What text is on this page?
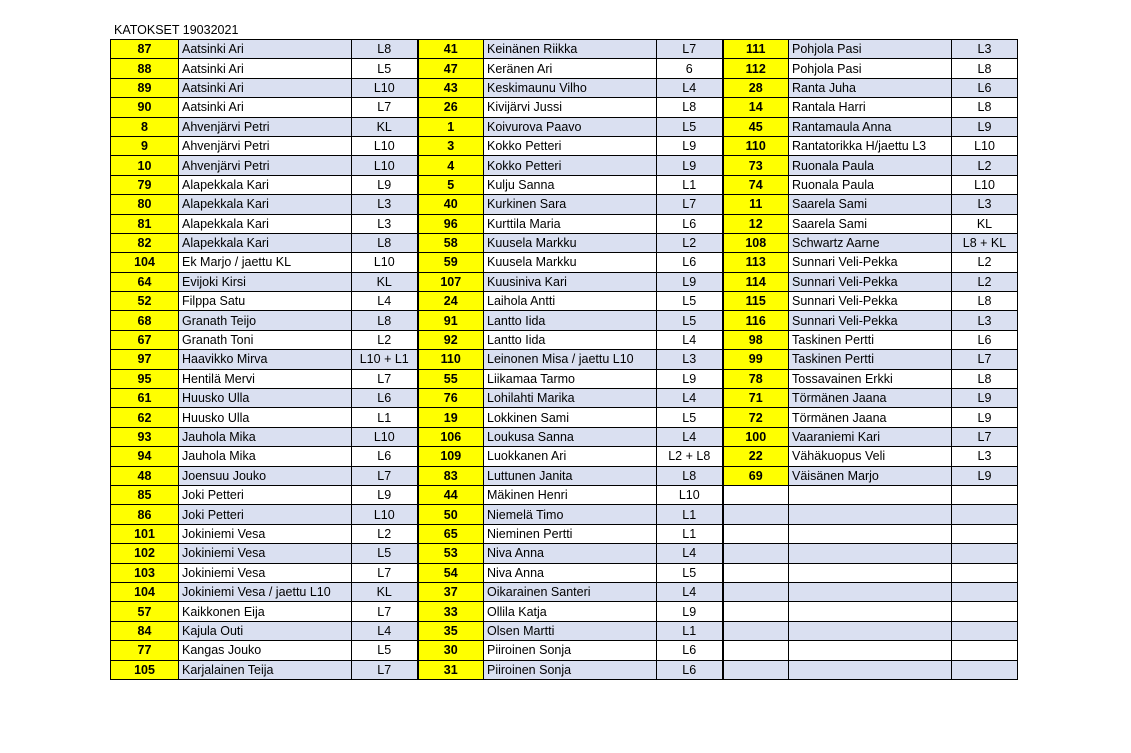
KATOKSET 19032021
87	Aatsinki Ari	L8	41	Keinänen Riikka	L7	111	Pohjola Pasi	L3
88	Aatsinki Ari	L5	47	Keränen Ari	6	112	Pohjola Pasi	L8
89	Aatsinki Ari	L10	43	Keskimaunu Vilho	L4	28	Ranta Juha	L6
90	Aatsinki Ari	L7	26	Kivijärvi Jussi	L8	14	Rantala Harri	L8
8	Ahvenjärvi Petri	KL	1	Koivurova Paavo	L5	45	Rantamaula Anna	L9
9	Ahvenjärvi Petri	L10	3	Kokko Petteri	L9	110	Rantatorikka H/jaettu L3	L10
10	Ahvenjärvi Petri	L10	4	Kokko Petteri	L9	73	Ruonala Paula	L2
79	Alapekkala Kari	L9	5	Kulju Sanna	L1	74	Ruonala Paula	L10
80	Alapekkala Kari	L3	40	Kurkinen Sara	L7	11	Saarela Sami	L3
81	Alapekkala Kari	L3	96	Kurttila Maria	L6	12	Saarela Sami	KL
82	Alapekkala Kari	L8	58	Kuusela Markku	L2	108	Schwartz Aarne	L8 + KL
104	Ek Marjo / jaettu KL	L10	59	Kuusela Markku	L6	113	Sunnari Veli-Pekka	L2
64	Evijoki Kirsi	KL	107	Kuusiniva Kari	L9	114	Sunnari Veli-Pekka	L2
52	Filppa Satu	L4	24	Laihola Antti	L5	115	Sunnari Veli-Pekka	L8
68	Granath Teijo	L8	91	Lantto Iida	L5	116	Sunnari Veli-Pekka	L3
67	Granath Toni	L2	92	Lantto Iida	L4	98	Taskinen Pertti	L6
97	Haavikko Mirva	L10 + L1	110	Leinonen Misa / jaettu L10	L3	99	Taskinen Pertti	L7
95	Hentilä Mervi	L7	55	Liikamaa Tarmo	L9	78	Tossavainen Erkki	L8
61	Huusko Ulla	L6	76	Lohilahti Marika	L4	71	Törmänen Jaana	L9
62	Huusko Ulla	L1	19	Lokkinen Sami	L5	72	Törmänen Jaana	L9
93	Jauhola Mika	L10	106	Loukusa Sanna	L4	100	Vaaraniemi Kari	L7
94	Jauhola Mika	L6	109	Luokkanen Ari	L2 + L8	22	Vähäkuopus Veli	L3
48	Joensuu Jouko	L7	83	Luttunen Janita	L8	69	Väisänen Marjo	L9
85	Joki Petteri	L9	44	Mäkinen Henri	L10			
86	Joki Petteri	L10	50	Niemelä Timo	L1			
101	Jokiniemi Vesa	L2	65	Nieminen Pertti	L1			
102	Jokiniemi Vesa	L5	53	Niva Anna	L4			
103	Jokiniemi Vesa	L7	54	Niva Anna	L5			
104	Jokiniemi Vesa / jaettu L10	KL	37	Oikarainen Santeri	L4			
57	Kaikkonen Eija	L7	33	Ollila Katja	L9			
84	Kajula Outi	L4	35	Olsen Martti	L1			
77	Kangas Jouko	L5	30	Piiroinen Sonja	L6			
105	Karjalainen Teija	L7	31	Piiroinen Sonja	L6			
